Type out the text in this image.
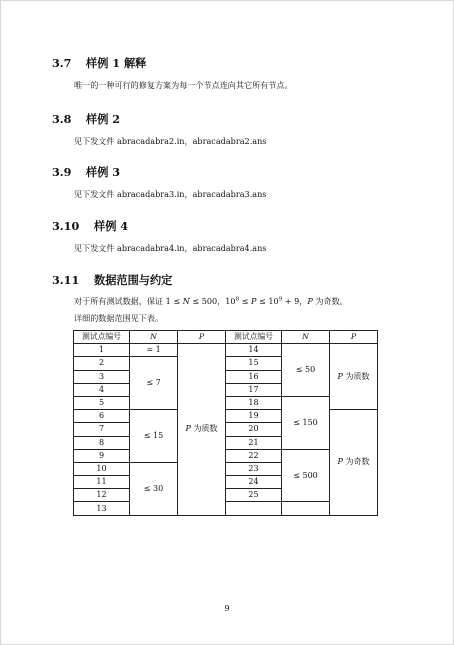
3.7 样例 1 解释
唯一的一种可行的修复方案为每一个节点连向其它所有节点。
3.8 样例 2
见下发文件 abracadabra2.in，abracadabra2.ans
3.9 样例 3
见下发文件 abracadabra3.in，abracadabra3.ans
3.10 样例 4
见下发文件 abracadabra4.in，abracadabra4.ans
3.11 数据范围与约定
对于所有测试数据，保证 1 ≤ N ≤ 500，$10^8 \le P \le 10^9 + 9$，P 为奇数。
详细的数据范围见下表。
测试点编号	N	P	测试点编号	N	P
1	= 1	P 为质数	14	≤ 50	P 为质数
2	≤ 7		15		
3			16		
4			17		
5			18	≤ 150	
6	≤ 15		19		P 为奇数
7			20		
8			21		
9			22	≤ 500	
10	≤ 30		23		
11			24		
12			25		
13					
9
